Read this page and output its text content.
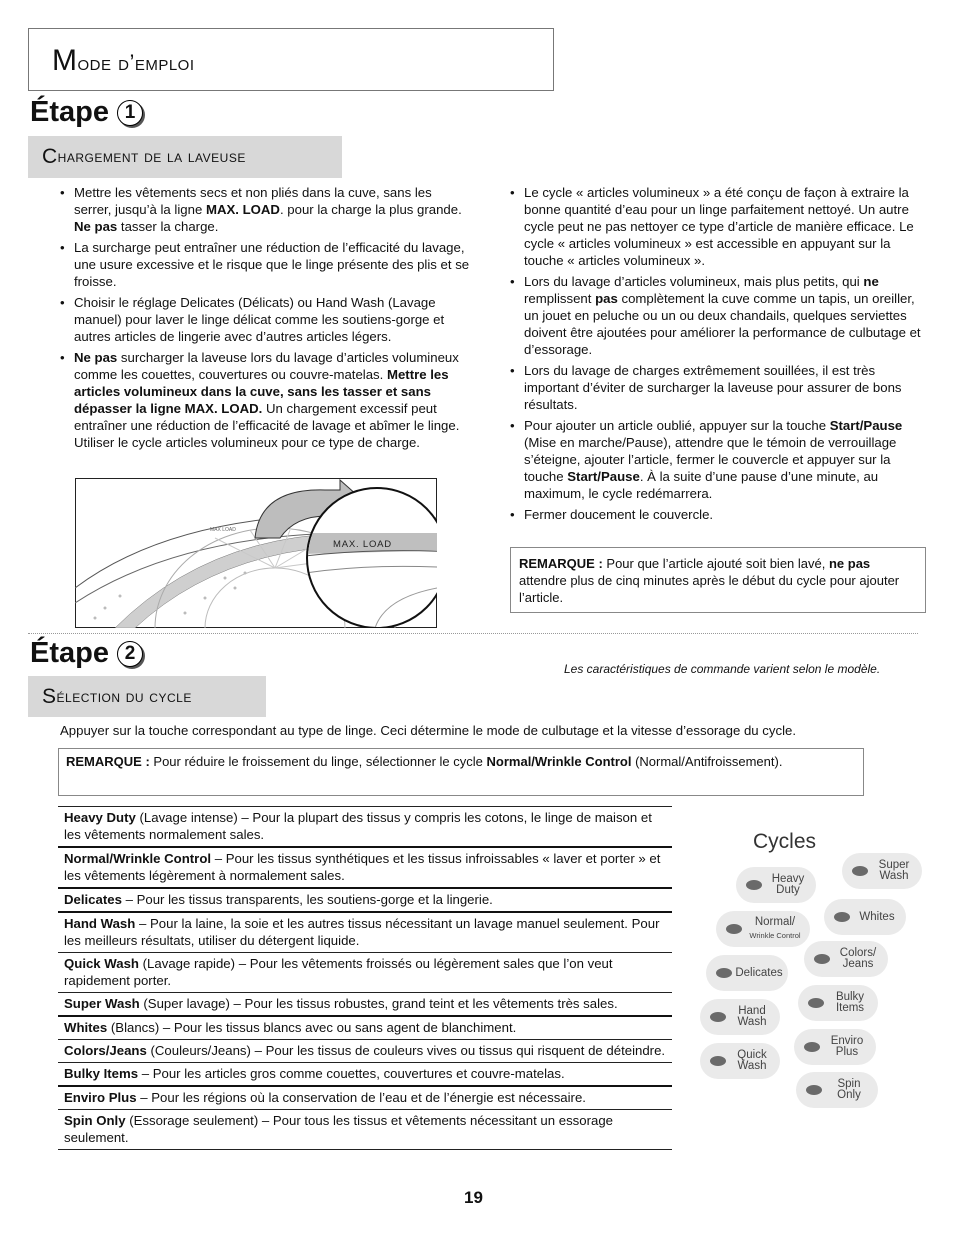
Mode d’emploi
Étape 1
C hargement de la laveuse
• Mettre les vêtements secs et non pliés dans la cuve, sans les serrer, jusqu’à la ligne MAX. LOAD. pour la charge la plus grande. Ne pas tasser la charge.
• La surcharge peut entraîner une réduction de l’efficacité du lavage, une usure excessive et le risque que le linge présente des plis et se froisse.
• Choisir le réglage Delicates (Délicats) ou Hand Wash (Lavage manuel) pour laver le linge délicat comme les soutiens-gorge et autres articles de lingerie avec d’autres articles légers.
• Ne pas surcharger la laveuse lors du lavage d’articles volumineux comme les couettes, couvertures ou couvre-matelas. Mettre les articles volumineux dans la cuve, sans les tasser et sans dépasser la ligne MAX. LOAD. Un chargement excessif peut entraîner une réduction de l’efficacité de lavage et abîmer le linge. Utiliser le cycle articles volumineux pour ce type de charge.
• Le cycle « articles volumineux » a été conçu de façon à extraire la bonne quantité d’eau pour un linge parfaitement nettoyé. Un autre cycle peut ne pas nettoyer ce type d’article de manière efficace. Le cycle « articles volumineux » est accessible en appuyant sur la touche « articles volumineux ».
• Lors du lavage d’articles volumineux, mais plus petits, qui ne remplissent pas complètement la cuve comme un tapis, un oreiller, un jouet en peluche ou un ou deux chandails, quelques serviettes doivent être ajoutées pour améliorer la performance de culbutage et d’essorage.
• Lors du lavage de charges extrêmement souillées, il est très important d’éviter de surcharger la laveuse pour assurer de bons résultats.
• Pour ajouter un article oublié, appuyer sur la touche Start/Pause (Mise en marche/Pause), attendre que le témoin de verrouillage s’éteigne, ajouter l’article, fermer le couvercle et appuyer sur la touche Start/Pause. À la suite d’une pause d’une minute, au maximum, le cycle redémarrera.
• Fermer doucement le couvercle.
MAX LOAD
MAX. LOAD
REMARQUE : Pour que l’article ajouté soit bien lavé, ne pas attendre plus de cinq minutes après le début du cycle pour ajouter l’article.
Étape 2
Les caractéristiques de commande varient selon le modèle.
S élection du cycle
Appuyer sur la touche correspondant au type de linge. Ceci détermine le mode de culbutage et la vitesse d’essorage du cycle.
REMARQUE : Pour réduire le froissement du linge, sélectionner le cycle Normal/Wrinkle Control (Normal/Antifroissement).
Heavy Duty (Lavage intense) – Pour la plupart des tissus y compris les cotons, le linge de maison et les vêtements normalement sales.
Normal/Wrinkle Control – Pour les tissus synthétiques et les tissus infroissables « laver et porter » et les vêtements légèrement à normalement sales.
Delicates – Pour les tissus transparents, les soutiens-gorge et la lingerie.
Hand Wash – Pour la laine, la soie et les autres tissus nécessitant un lavage manuel seulement. Pour les meilleurs résultats, utiliser du détergent liquide.
Quick Wash (Lavage rapide) – Pour les vêtements froissés ou légèrement sales que l’on veut rapidement porter.
Super Wash (Super lavage) – Pour les tissus robustes, grand teint et les vêtements très sales.
Whites (Blancs) – Pour les tissus blancs avec ou sans agent de blanchiment.
Colors/Jeans (Couleurs/Jeans) – Pour les tissus de couleurs vives ou tissus qui risquent de déteindre.
Bulky Items – Pour les articles gros comme couettes, couvertures et couvre-matelas.
Enviro Plus – Pour les régions où la conservation de l’eau et de l’énergie est nécessaire.
Spin Only (Essorage seulement) – Pour tous les tissus et vêtements nécessitant un essorage seulement.
Cycles
Heavy
Duty
Super
Wash
Normal/
Wrinkle Control
Whites
Delicates
Colors/
Jeans
Hand
Wash
Bulky
Items
Quick
Wash
Enviro
Plus
Spin
Only
19
